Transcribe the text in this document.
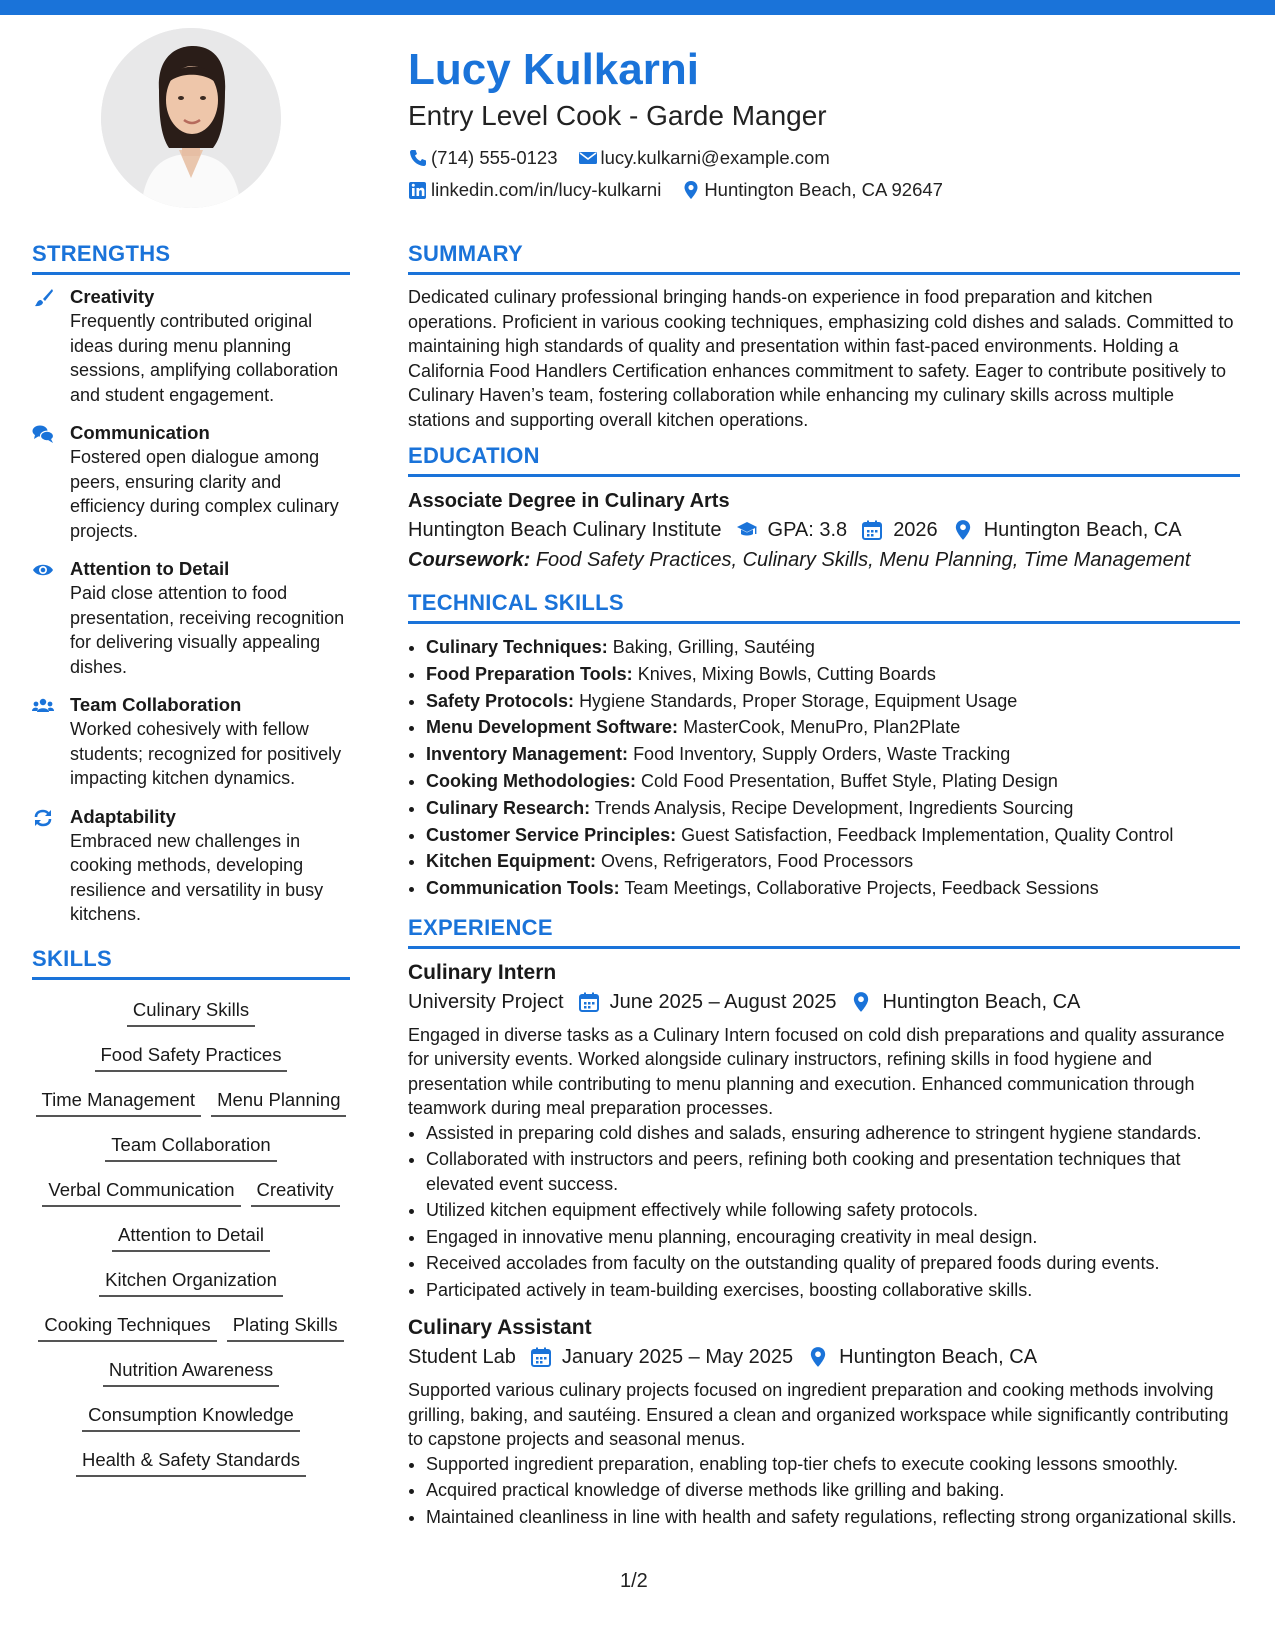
Lucy Kulkarni
Entry Level Cook - Garde Manger
(714) 555-0123 lucy.kulkarni@example.com
linkedin.com/in/lucy-kulkarni Huntington Beach, CA 92647
STRENGTHS
Creativity
Frequently contributed original ideas during menu planning sessions, amplifying collaboration and student engagement.
Communication
Fostered open dialogue among peers, ensuring clarity and efficiency during complex culinary projects.
Attention to Detail
Paid close attention to food presentation, receiving recognition for delivering visually appealing dishes.
Team Collaboration
Worked cohesively with fellow students; recognized for positively impacting kitchen dynamics.
Adaptability
Embraced new challenges in cooking methods, developing resilience and versatility in busy kitchens.
SKILLS
Culinary Skills
Food Safety Practices
Time Management	Menu Planning
Team Collaboration
Verbal Communication	Creativity
Attention to Detail
Kitchen Organization
Cooking Techniques	Plating Skills
Nutrition Awareness
Consumption Knowledge
Health & Safety Standards
SUMMARY

Dedicated culinary professional bringing hands-on experience in food preparation and kitchen operations. Proficient in various cooking techniques, emphasizing cold dishes and salads. Committed to maintaining high standards of quality and presentation within fast-paced environments. Holding a California Food Handlers Certification enhances commitment to safety. Eager to contribute positively to Culinary Haven’s team, fostering collaboration while enhancing my culinary skills across multiple stations and supporting overall kitchen operations.

EDUCATION
Associate Degree in Culinary Arts
Huntington Beach Culinary Institute GPA: 3.8 2026 Huntington Beach, CA
Coursework: Food Safety Practices, Culinary Skills, Menu Planning, Time Management
TECHNICAL SKILLS
• Culinary Techniques: Baking, Grilling, Sautéing
• Food Preparation Tools: Knives, Mixing Bowls, Cutting Boards
• Safety Protocols: Hygiene Standards, Proper Storage, Equipment Usage
• Menu Development Software: MasterCook, MenuPro, Plan2Plate
• Inventory Management: Food Inventory, Supply Orders, Waste Tracking
• Cooking Methodologies: Cold Food Presentation, Buffet Style, Plating Design
• Culinary Research: Trends Analysis, Recipe Development, Ingredients Sourcing
• Customer Service Principles: Guest Satisfaction, Feedback Implementation, Quality Control
• Kitchen Equipment: Ovens, Refrigerators, Food Processors
• Communication Tools: Team Meetings, Collaborative Projects, Feedback Sessions
EXPERIENCE
Culinary Intern
University Project June 2025 – August 2025 Huntington Beach, CA
Engaged in diverse tasks as a Culinary Intern focused on cold dish preparations and quality assurance for university events. Worked alongside culinary instructors, refining skills in food hygiene and presentation while contributing to menu planning and execution. Enhanced communication through teamwork during meal preparation processes.
• Assisted in preparing cold dishes and salads, ensuring adherence to stringent hygiene standards.
• Collaborated with instructors and peers, refining both cooking and presentation techniques that elevated event success.
• Utilized kitchen equipment effectively while following safety protocols.
• Engaged in innovative menu planning, encouraging creativity in meal design.
• Received accolades from faculty on the outstanding quality of prepared foods during events.
• Participated actively in team-building exercises, boosting collaborative skills.
Culinary Assistant
Student Lab January 2025 – May 2025 Huntington Beach, CA
Supported various culinary projects focused on ingredient preparation and cooking methods involving grilling, baking, and sautéing. Ensured a clean and organized workspace while significantly contributing to capstone projects and seasonal menus.
• Supported ingredient preparation, enabling top-tier chefs to execute cooking lessons smoothly.
• Acquired practical knowledge of diverse methods like grilling and baking.
• Maintained cleanliness in line with health and safety regulations, reflecting strong organizational skills.
1/2
